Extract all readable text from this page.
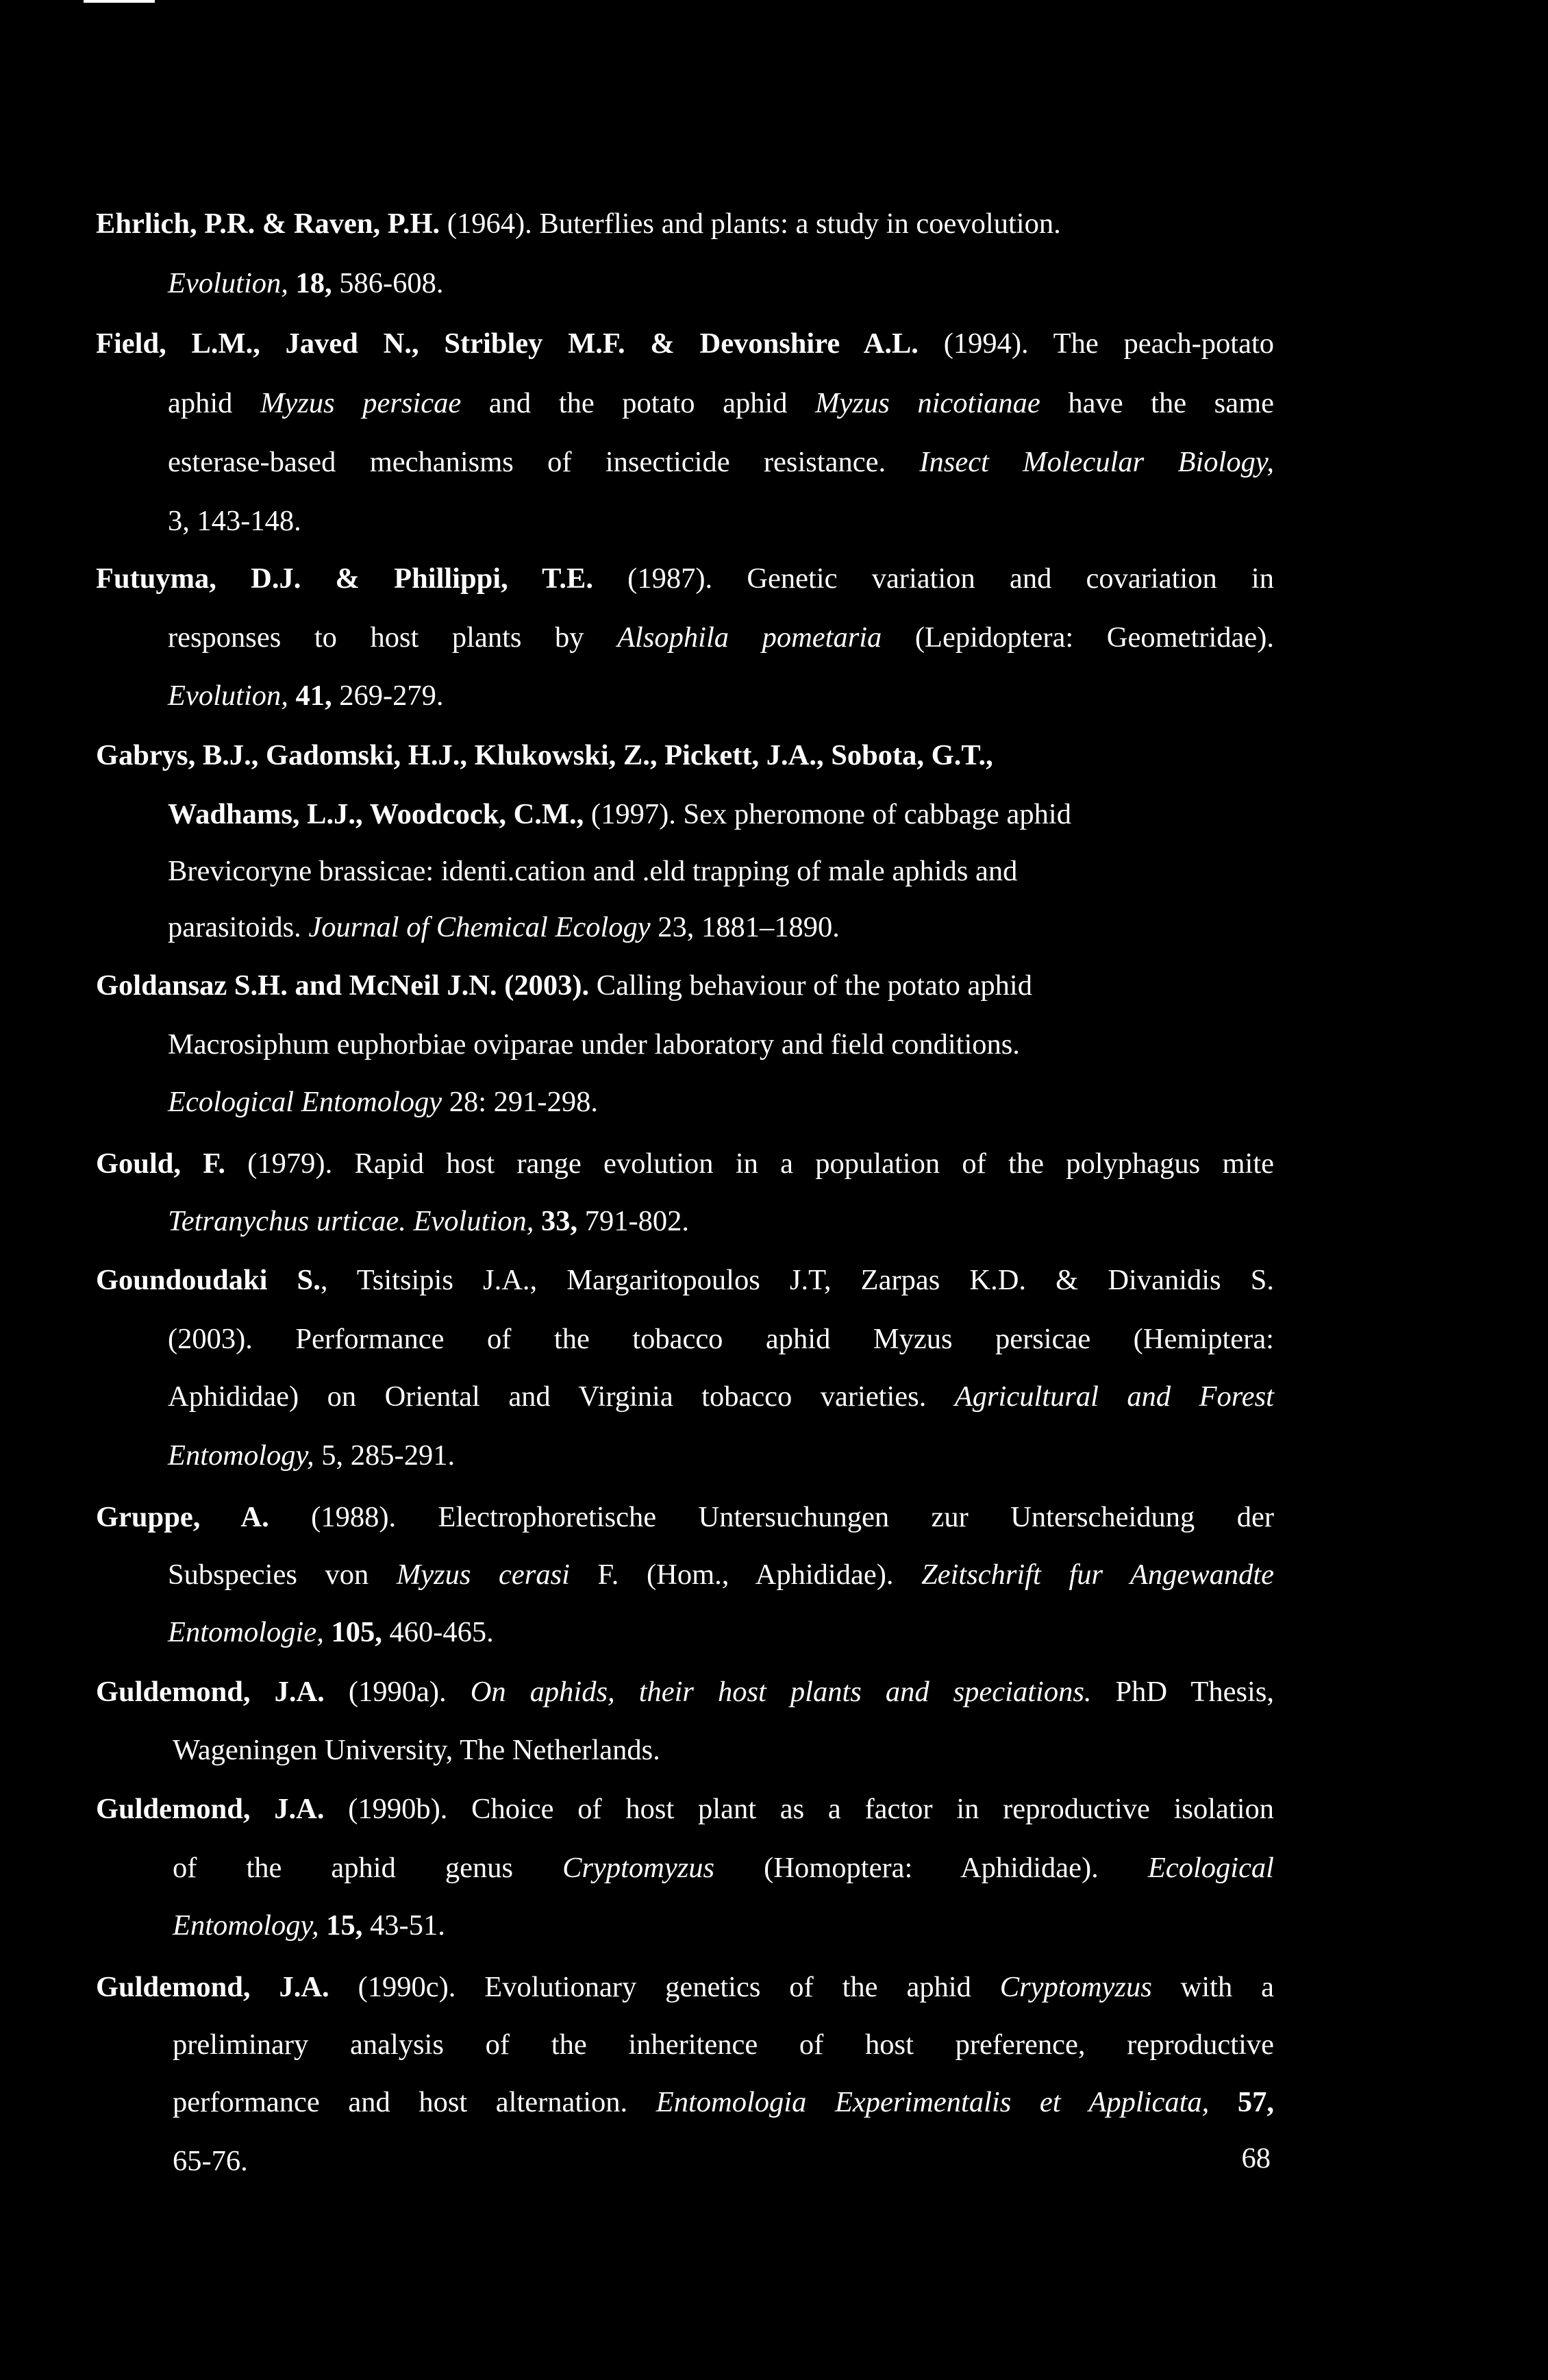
Ehrlich, P.R. & Raven, P.H. (1964). Buterflies and plants: a study in coevolution.
Evolution, 18, 586-608.
Field, L.M., Javed N., Stribley M.F. & Devonshire A.L. (1994). The peach-potato
aphid Myzus persicae and the potato aphid Myzus nicotianae have the same
esterase-based mechanisms of insecticide resistance. Insect Molecular Biology,
3, 143-148.
Futuyma, D.J. & Phillippi, T.E. (1987). Genetic variation and covariation in
responses to host plants by Alsophila pometaria (Lepidoptera: Geometridae).
Evolution, 41, 269-279.
Gabrys, B.J., Gadomski, H.J., Klukowski, Z., Pickett, J.A., Sobota, G.T.,
Wadhams, L.J., Woodcock, C.M., (1997). Sex pheromone of cabbage aphid
Brevicoryne brassicae: identi.cation and .eld trapping of male aphids and
parasitoids. Journal of Chemical Ecology 23, 1881–1890.
Goldansaz S.H. and McNeil J.N. (2003). Calling behaviour of the potato aphid
Macrosiphum euphorbiae oviparae under laboratory and field conditions.
Ecological Entomology 28: 291-298.
Gould, F. (1979). Rapid host range evolution in a population of the polyphagus mite
Tetranychus urticae. Evolution, 33, 791-802.
Goundoudaki S., Tsitsipis J.A., Margaritopoulos J.T, Zarpas K.D. & Divanidis S.
(2003). Performance of the tobacco aphid Myzus persicae (Hemiptera:
Aphididae) on Oriental and Virginia tobacco varieties. Agricultural and Forest
Entomology, 5, 285-291.
Gruppe, A. (1988). Electrophoretische Untersuchungen zur Unterscheidung der
Subspecies von Myzus cerasi F. (Hom., Aphididae). Zeitschrift fur Angewandte
Entomologie, 105, 460-465.
Guldemond, J.A. (1990a). On aphids, their host plants and speciations. PhD Thesis,
Wageningen University, The Netherlands.
Guldemond, J.A. (1990b). Choice of host plant as a factor in reproductive isolation
of the aphid genus Cryptomyzus (Homoptera: Aphididae). Ecological
Entomology, 15, 43-51.
Guldemond, J.A. (1990c). Evolutionary genetics of the aphid Cryptomyzus with a
preliminary analysis of the inheritence of host preference, reproductive
performance and host alternation. Entomologia Experimentalis et Applicata, 57,
65-76.	68
